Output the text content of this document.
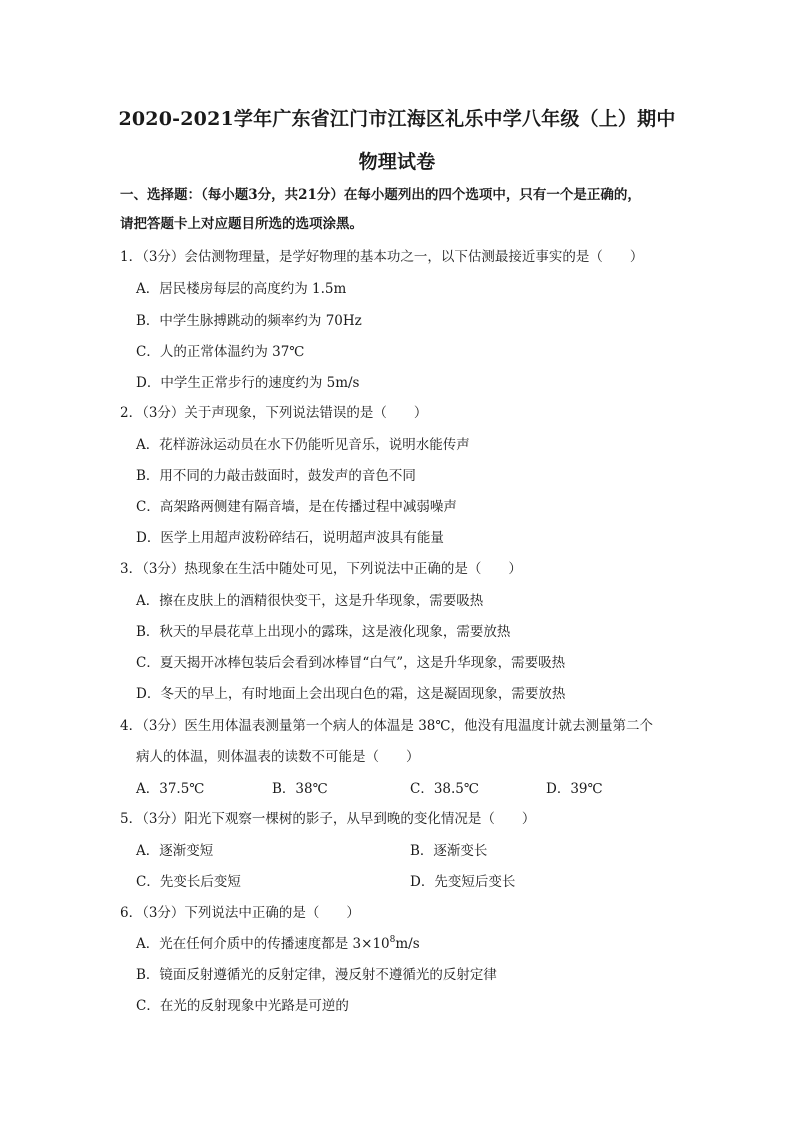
2020-2021学年广东省江门市江海区礼乐中学八年级（上）期中
物理试卷
一、选择题：（每小题3分，共21分）在每小题列出的四个选项中，只有一个是正确的，
请把答题卡上对应题目所选的选项涂黑。
1．（3分）会估测物理量，是学好物理的基本功之一，以下估测最接近事实的是（　　）
A．居民楼房每层的高度约为 1.5m
B．中学生脉搏跳动的频率约为 70Hz
C．人的正常体温约为 37℃
D．中学生正常步行的速度约为 5m/s
2．（3分）关于声现象，下列说法错误的是（　　）
A．花样游泳运动员在水下仍能听见音乐，说明水能传声
B．用不同的力敲击鼓面时，鼓发声的音色不同
C．高架路两侧建有隔音墙，是在传播过程中减弱噪声
D．医学上用超声波粉碎结石，说明超声波具有能量
3．（3分）热现象在生活中随处可见，下列说法中正确的是（　　）
A．擦在皮肤上的酒精很快变干，这是升华现象，需要吸热
B．秋天的早晨花草上出现小的露珠，这是液化现象，需要放热
C．夏天揭开冰棒包装后会看到冰棒冒“白气”，这是升华现象，需要吸热
D．冬天的早上，有时地面上会出现白色的霜，这是凝固现象，需要放热
4．（3分）医生用体温表测量第一个病人的体温是 38℃，他没有甩温度计就去测量第二个
病人的体温，则体温表的读数不可能是（　　）
A．37.5℃	B．38℃	C．38.5℃	D．39℃
5．（3分）阳光下观察一棵树的影子，从早到晚的变化情况是（　　）
A．逐渐变短	B．逐渐变长
C．先变长后变短	D．先变短后变长
6．（3分）下列说法中正确的是（　　）
A．光在任何介质中的传播速度都是 $3\times 10^8m/s$
B．镜面反射遵循光的反射定律，漫反射不遵循光的反射定律
C．在光的反射现象中光路是可逆的
